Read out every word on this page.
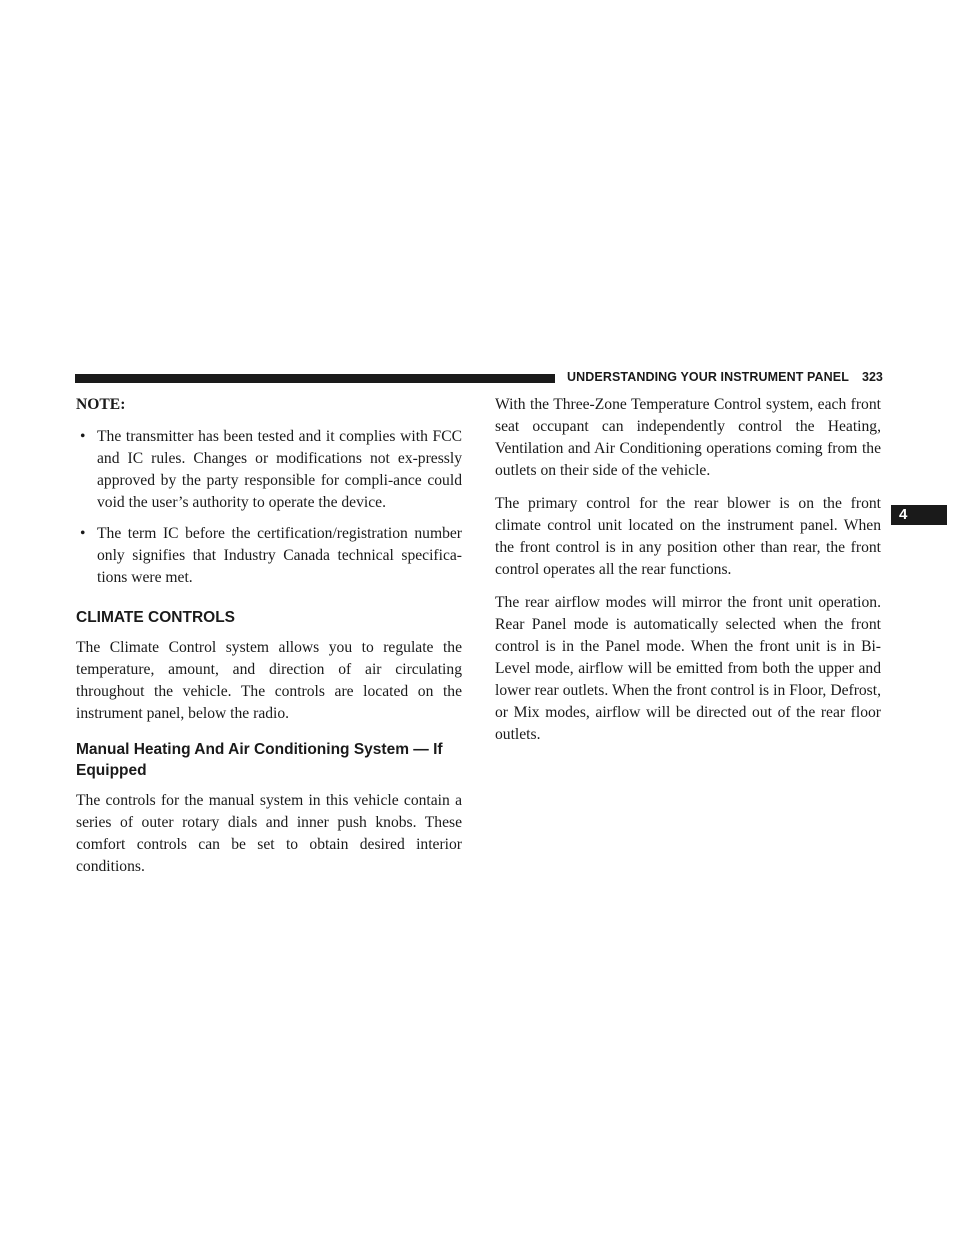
UNDERSTANDING YOUR INSTRUMENT PANEL 323
4

NOTE:

• The transmitter has been tested and it complies with FCC and IC rules. Changes or modifications not ex-pressly approved by the party responsible for compli-ance could void the user’s authority to operate the device.
• The term IC before the certification/registration number only signifies that Industry Canada technical specifica-tions were met.
CLIMATE CONTROLS

The Climate Control system allows you to regulate the temperature, amount, and direction of air circulating throughout the vehicle. The controls are located on the instrument panel, below the radio.

Manual Heating And Air Conditioning System — If Equipped

The controls for the manual system in this vehicle contain a series of outer rotary dials and inner push knobs. These comfort controls can be set to obtain desired interior conditions.

With the Three-Zone Temperature Control system, each front seat occupant can independently control the Heating, Ventilation and Air Conditioning operations coming from the outlets on their side of the vehicle.

The primary control for the rear blower is on the front climate control unit located on the instrument panel. When the front control is in any position other than rear, the front control operates all the rear functions.

The rear airflow modes will mirror the front unit operation. Rear Panel mode is automatically selected when the front control is in the Panel mode. When the front unit is in Bi-Level mode, airflow will be emitted from both the upper and lower rear outlets. When the front control is in Floor, Defrost, or Mix modes, airflow will be directed out of the rear floor outlets.
